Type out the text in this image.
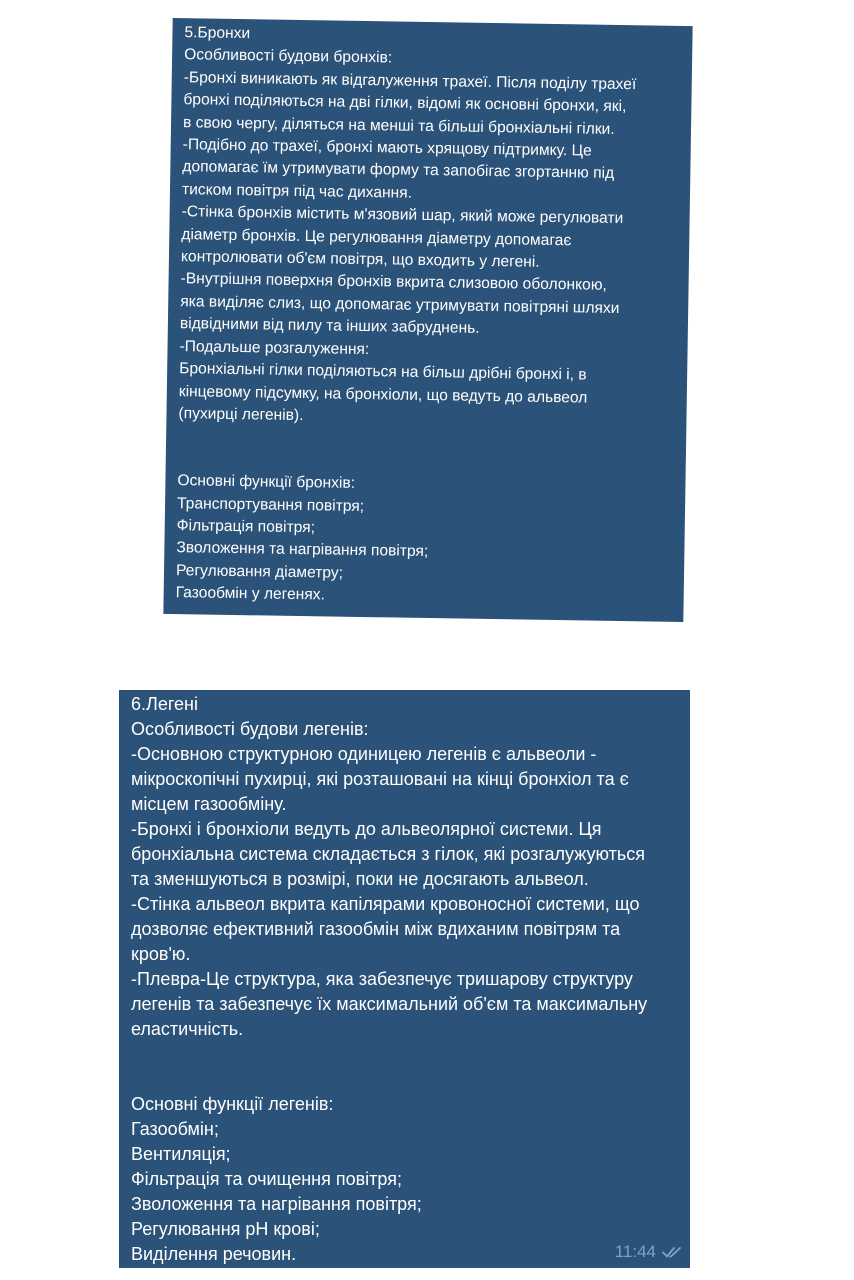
5.Бронхи
Особливості будови бронхів:
-Бронхі виникають як відгалуження трахеї. Після поділу трахеї
бронхі поділяються на дві гілки, відомі як основні бронхи, які,
в свою чергу, діляться на менші та більші бронхіальні гілки.
-Подібно до трахеї, бронхі мають хрящову підтримку. Це
допомагає їм утримувати форму та запобігає згортанню під
тиском повітря під час дихання.
-Стінка бронхів містить м'язовий шар, який може регулювати
діаметр бронхів. Це регулювання діаметру допомагає
контролювати об'єм повітря, що входить у легені.
-Внутрішня поверхня бронхів вкрита слизовою оболонкою,
яка виділяє слиз, що допомагає утримувати повітряні шляхи
відвідними від пилу та інших забруднень.
-Подальше розгалуження:
Бронхіальні гілки поділяються на більш дрібні бронхі і, в
кінцевому підсумку, на бронхіоли, що ведуть до альвеол
(пухирці легенів).
Основні функції бронхів:
Транспортування повітря;
Фільтрація повітря;
Зволоження та нагрівання повітря;
Регулювання діаметру;
Газообмін у легенях.
6.Легені
Особливості будови легенів:
-Основною структурною одиницею легенів є альвеоли -
мікроскопічні пухирці, які розташовані на кінці бронхіол та є
місцем газообміну.
-Бронхі і бронхіоли ведуть до альвеолярної системи. Ця
бронхіальна система складається з гілок, які розгалужуються
та зменшуються в розмірі, поки не досягають альвеол.
-Стінка альвеол вкрита капілярами кровоносної системи, що
дозволяє ефективний газообмін між вдиханим повітрям та
кров'ю.
-Плевра-Це структура, яка забезпечує тришарову структуру
легенів та забезпечує їх максимальний об'єм та максимальну
еластичність.
Основні функції легенів:
Газообмін;
Вентиляція;
Фільтрація та очищення повітря;
Зволоження та нагрівання повітря;
Регулювання pH крові;
Виділення речовин.	11:44
